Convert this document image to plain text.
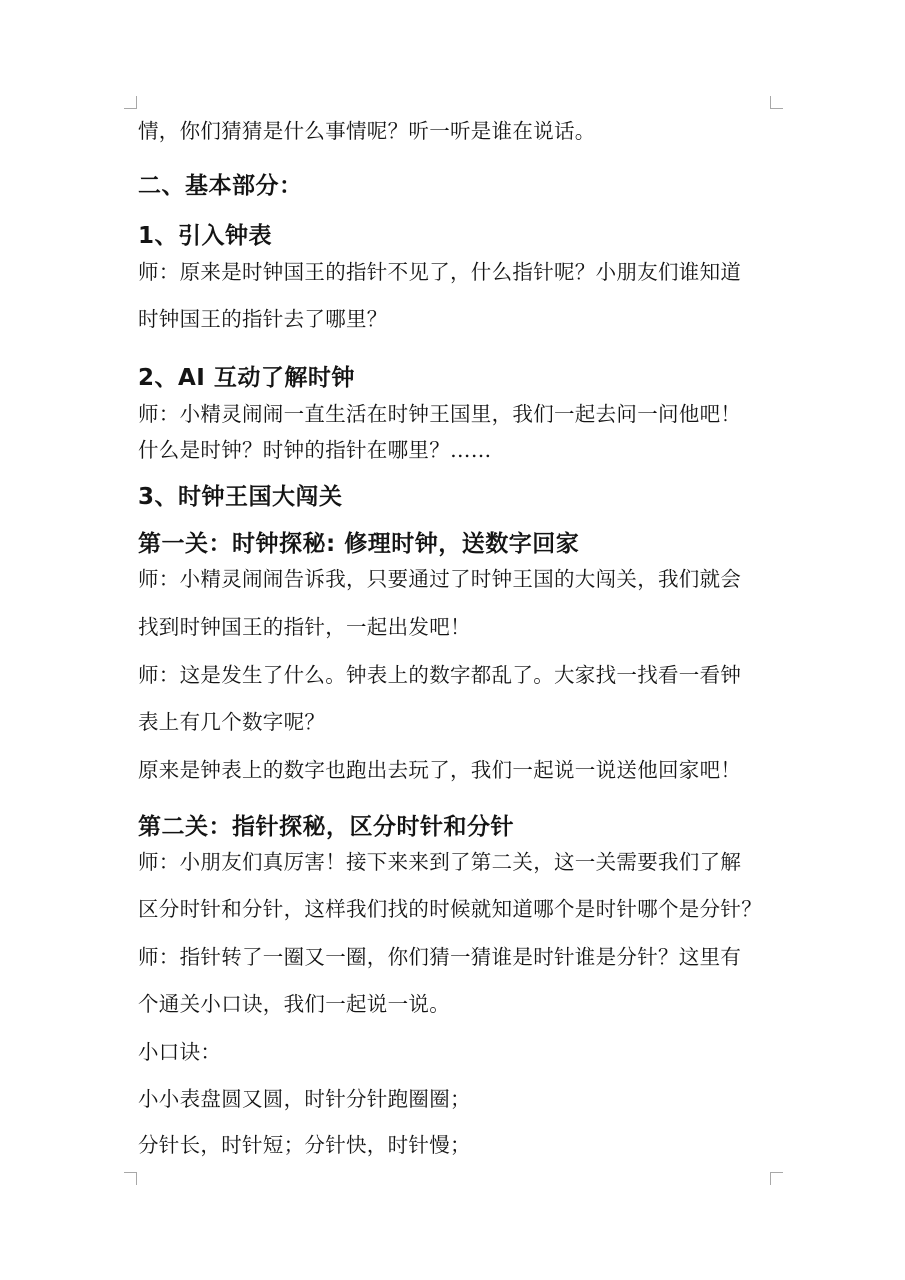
情，你们猜猜是什么事情呢？听一听是谁在说话。
二、基本部分：
1、引入钟表
师：原来是时钟国王的指针不见了，什么指针呢？小朋友们谁知道
时钟国王的指针去了哪里？
2、AI 互动了解时钟
师：小精灵闹闹一直生活在时钟王国里，我们一起去问一问他吧！
什么是时钟？时钟的指针在哪里？……
3、时钟王国大闯关
第一关：时钟探秘: 修理时钟，送数字回家
师：小精灵闹闹告诉我，只要通过了时钟王国的大闯关，我们就会
找到时钟国王的指针，一起出发吧！
师：这是发生了什么。钟表上的数字都乱了。大家找一找看一看钟
表上有几个数字呢？
原来是钟表上的数字也跑出去玩了，我们一起说一说送他回家吧！
第二关：指针探秘，区分时针和分针
师：小朋友们真厉害！接下来来到了第二关，这一关需要我们了解
区分时针和分针，这样我们找的时候就知道哪个是时针哪个是分针？
师：指针转了一圈又一圈，你们猜一猜谁是时针谁是分针？这里有
个通关小口诀，我们一起说一说。
小口诀：
小小表盘圆又圆，时针分针跑圈圈；
分针长，时针短；分针快，时针慢；
